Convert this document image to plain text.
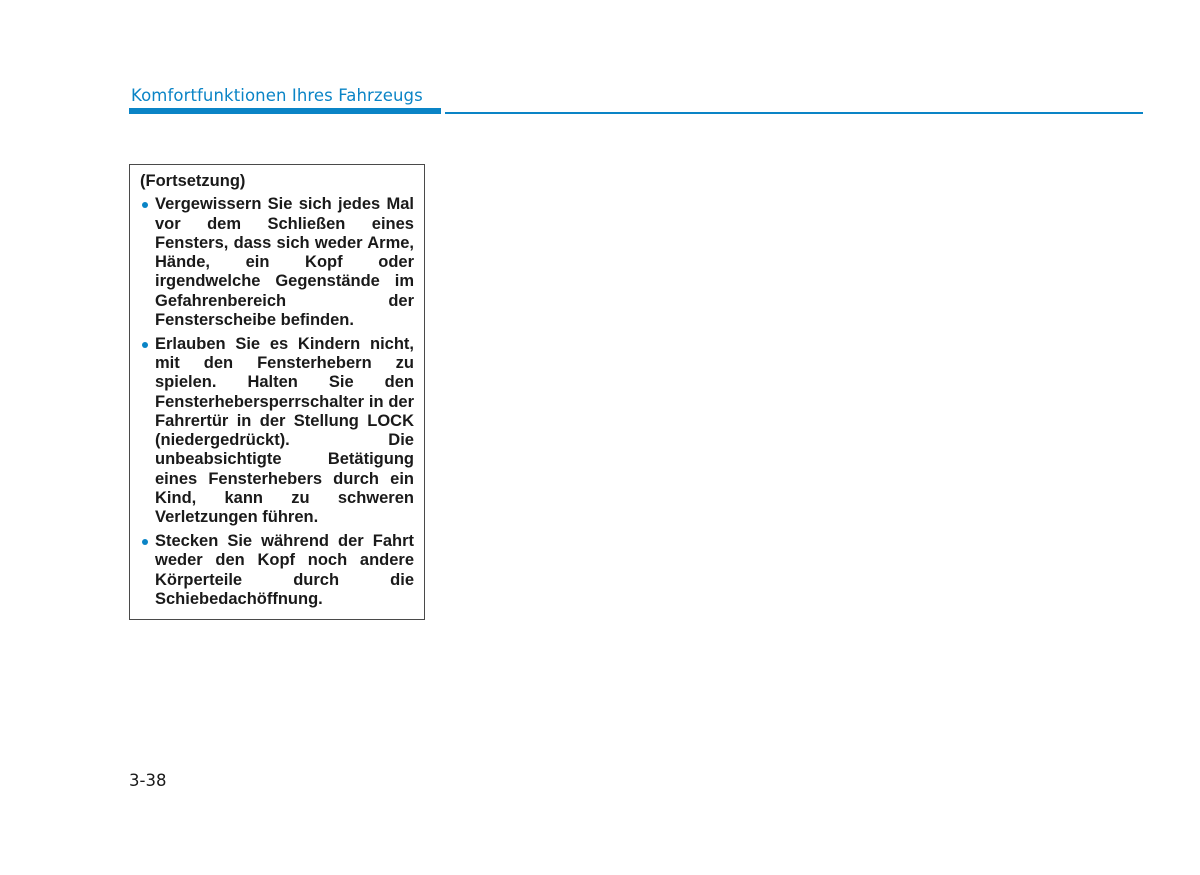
Komfortfunktionen Ihres Fahrzeugs
(Fortsetzung)
Vergewissern Sie sich jedes Mal vor dem Schließen eines Fensters, dass sich weder Arme, Hände, ein Kopf oder irgendwelche Gegenstände im Gefahrenbereich der Fensterscheibe befinden.
Erlauben Sie es Kindern nicht, mit den Fensterhebern zu spielen. Halten Sie den Fensterhebersperrschalter in der Fahrertür in der Stellung LOCK (niedergedrückt). Die unbeabsichtigte Betätigung eines Fensterhebers durch ein Kind, kann zu schweren Verletzungen führen.
Stecken Sie während der Fahrt weder den Kopf noch andere Körperteile durch die Schiebedachöffnung.
3-38
